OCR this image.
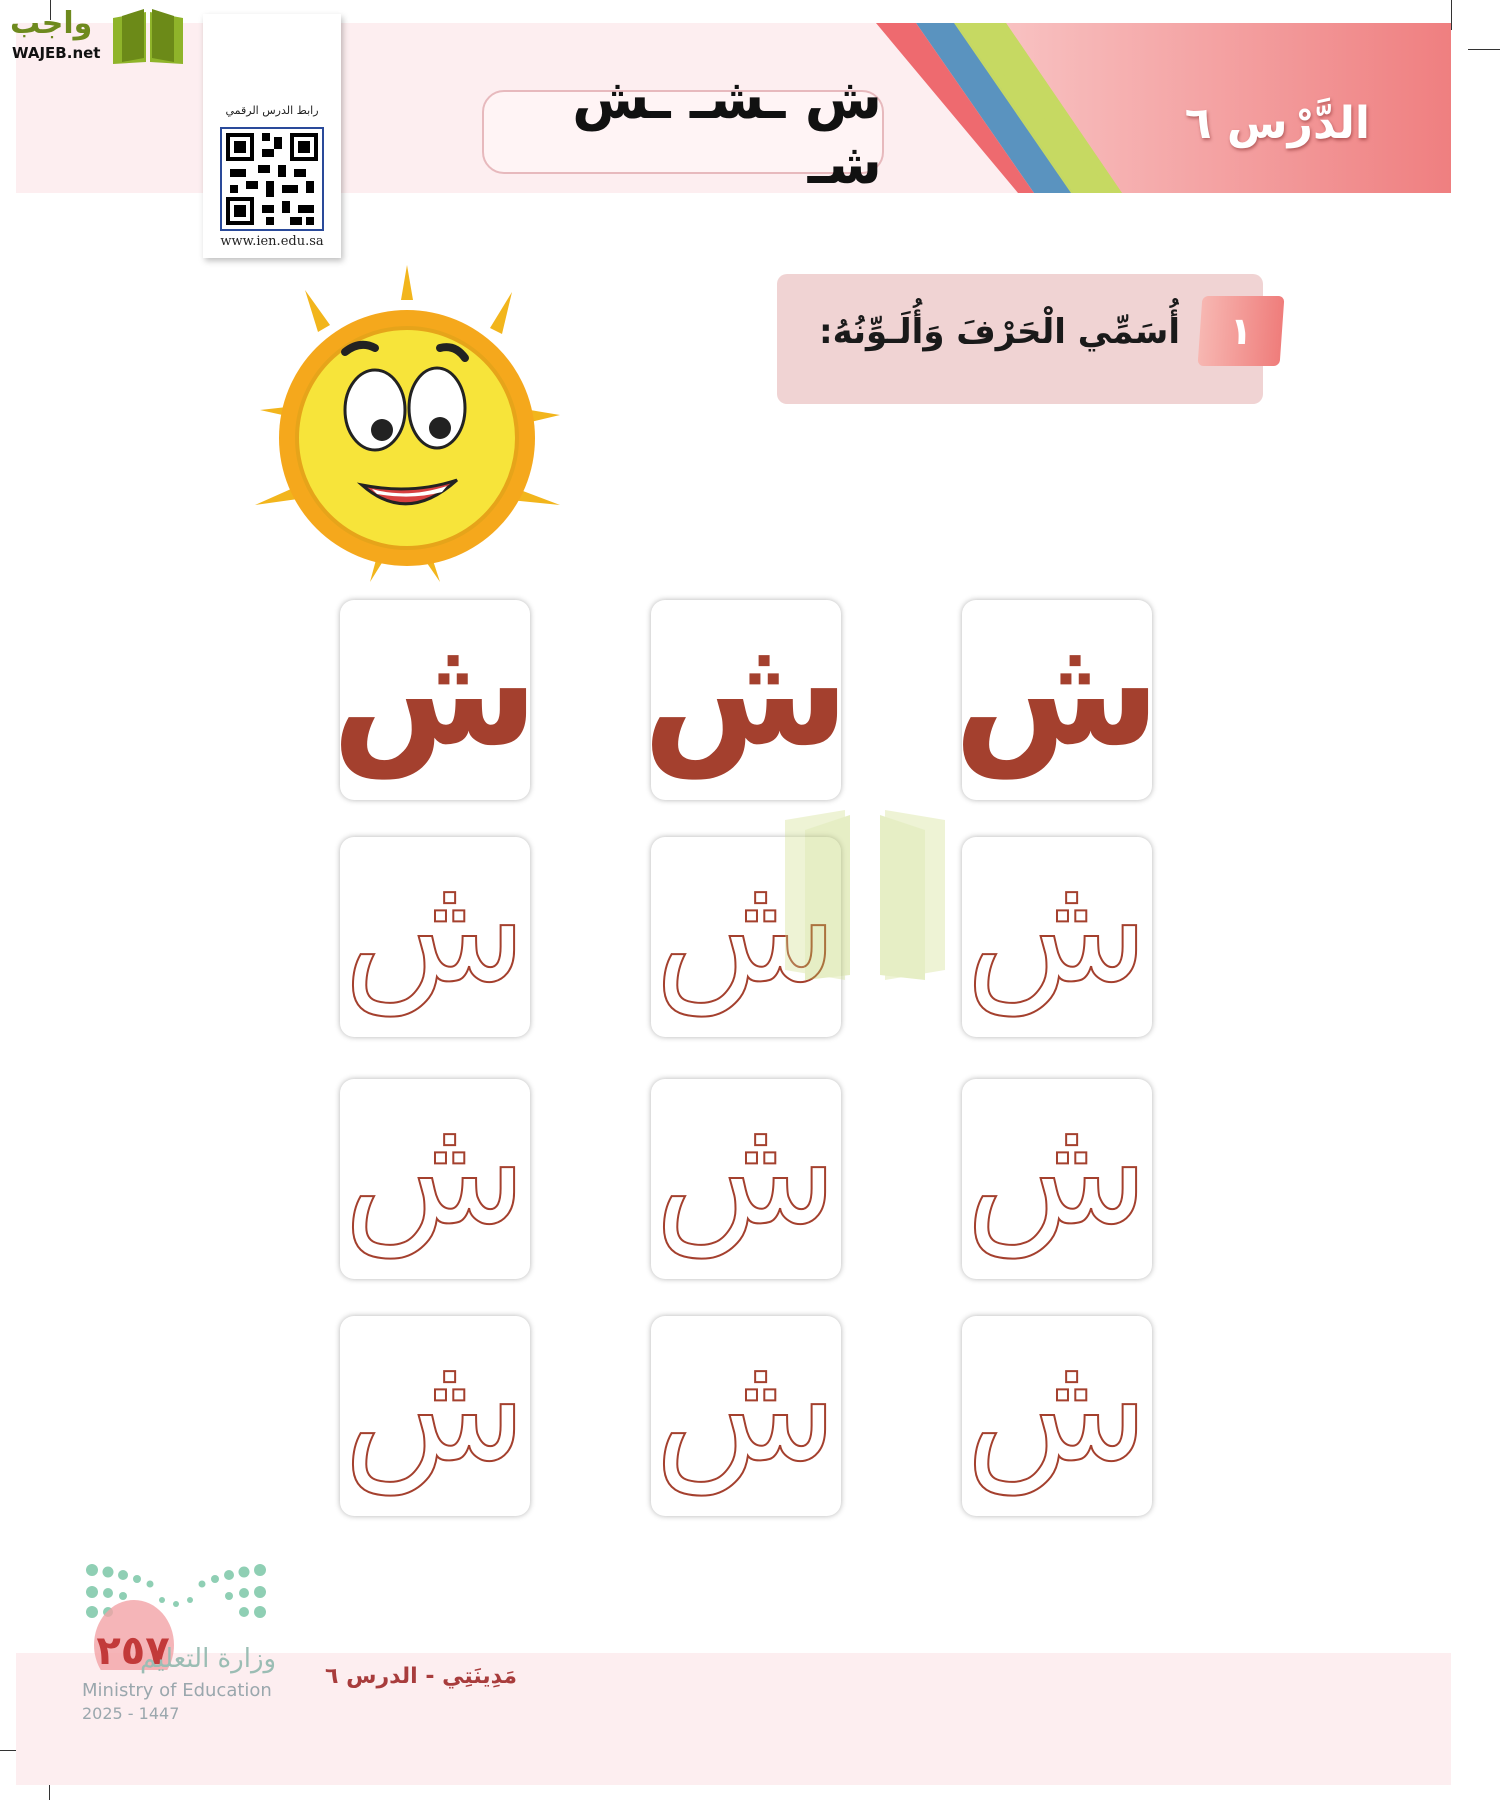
ش ـشـ ـش شـ
الدَّرْس ٦
واجب
WAJEB.net
رابط الدرس الرقمي
www.ien.edu.sa
١
أُسَمِّي الْحَرْفَ وَأُلَـوِّنُهُ:
ش ش ش
ش ش ش
ش ش ش
ش ش ش
٢٥٧
وزارة التعليم
Ministry of Education
2025 - 1447
مَدِينَتِي - الدرس ٦
